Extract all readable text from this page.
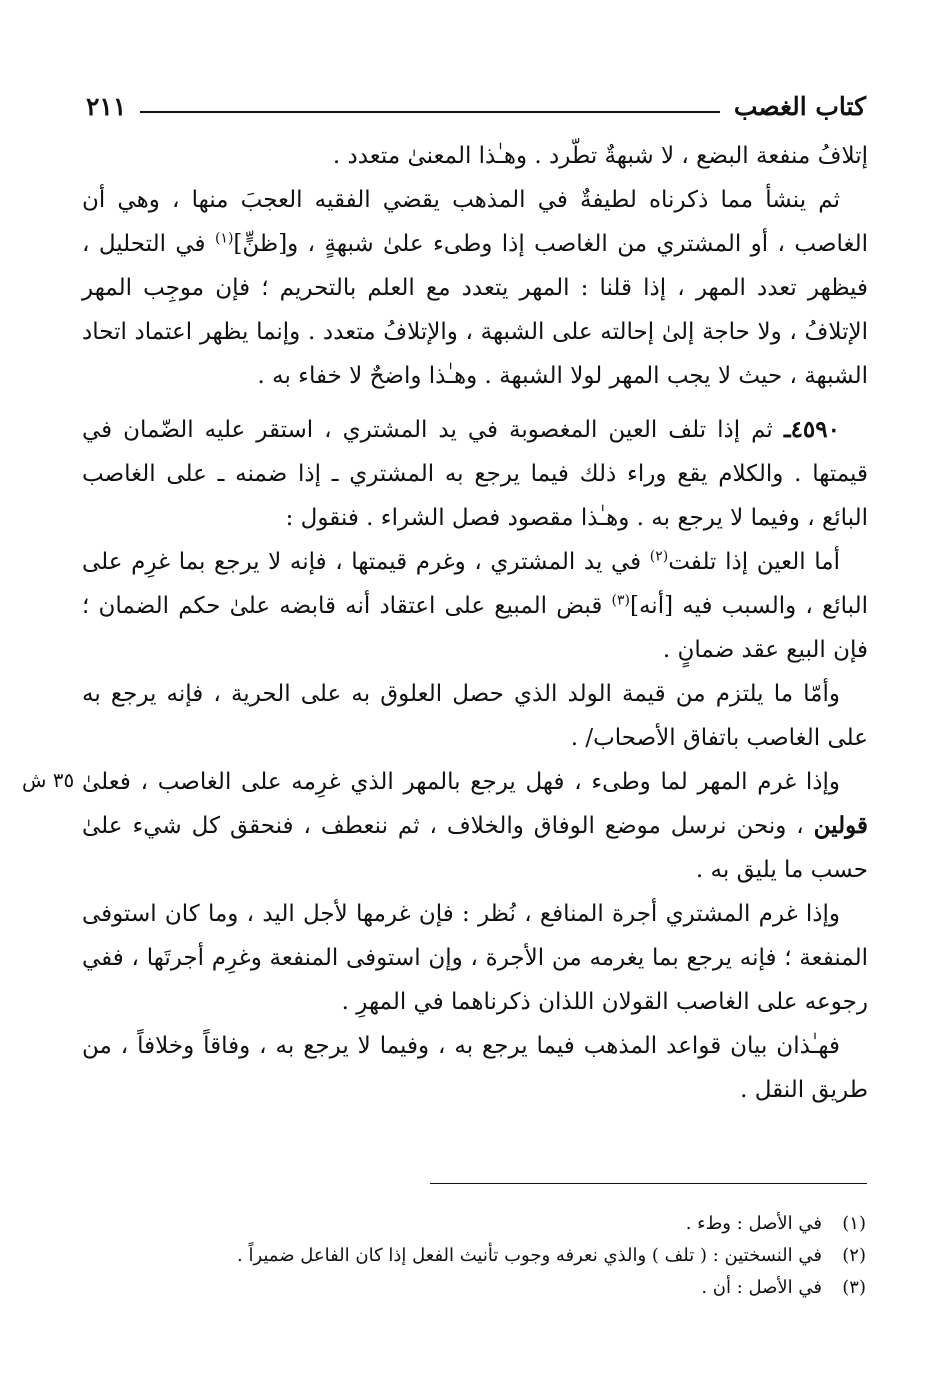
كتاب الغصب
٢١١
٣٥ ش

إتلافُ منفعة البضع ، لا شبهةٌ تطّرد . وهـٰذا المعنىٰ متعدد .

ثم ينشأ مما ذكرناه لطيفةٌ في المذهب يقضي الفقيه العجبَ منها ، وهي أن الغاصب ، أو المشتري من الغاصب إذا وطىء علىٰ شبهةٍ ، و[ظنٍّ]$^{(١)}$ في التحليل ، فيظهر تعدد المهر ، إذا قلنا : المهر يتعدد مع العلم بالتحريم ؛ فإن موجِب المهر الإتلافُ ، ولا حاجة إلىٰ إحالته على الشبهة ، والإتلافُ متعدد . وإنما يظهر اعتماد اتحاد الشبهة ، حيث لا يجب المهر لولا الشبهة . وهـٰذا واضحٌ لا خفاء به .

٤٥٩٠ـ ثم إذا تلف العين المغصوبة في يد المشتري ، استقر عليه الضّمان في قيمتها . والكلام يقع وراء ذلك فيما يرجع به المشتري ـ إذا ضمنه ـ على الغاصب البائع ، وفيما لا يرجع به . وهـٰذا مقصود فصل الشراء . فنقول :

أما العين إذا تلفت$^{(٢)}$ في يد المشتري ، وغرم قيمتها ، فإنه لا يرجع بما غرِم على البائع ، والسبب فيه [أنه]$^{(٣)}$ قبض المبيع على اعتقاد أنه قابضه علىٰ حكم الضمان ؛ فإن البيع عقد ضمانٍ .

وأمّا ما يلتزم من قيمة الولد الذي حصل العلوق به على الحرية ، فإنه يرجع به على الغاصب باتفاق الأصحاب/ .

وإذا غرم المهر لما وطىء ، فهل يرجع بالمهر الذي غرِمه على الغاصب ، فعلىٰ قولين ، ونحن نرسل موضع الوفاق والخلاف ، ثم ننعطف ، فنحقق كل شيء علىٰ حسب ما يليق به .

وإذا غرم المشتري أجرة المنافع ، نُظر : فإن غرمها لأجل اليد ، وما كان استوفى المنفعة ؛ فإنه يرجع بما يغرمه من الأجرة ، وإن استوفى المنفعة وغرِم أجرتَها ، ففي رجوعه على الغاصب القولان اللذان ذكرناهما في المهرِ .

فهـٰذان بيان قواعد المذهب فيما يرجع به ، وفيما لا يرجع به ، وفاقاً وخلافاً ، من طريق النقل .

(١)
في الأصل : وطء .
(٢)
في النسختين : ( تلف ) والذي نعرفه وجوب تأنيث الفعل إذا كان الفاعل ضميراً .
(٣)
في الأصل : أن .
